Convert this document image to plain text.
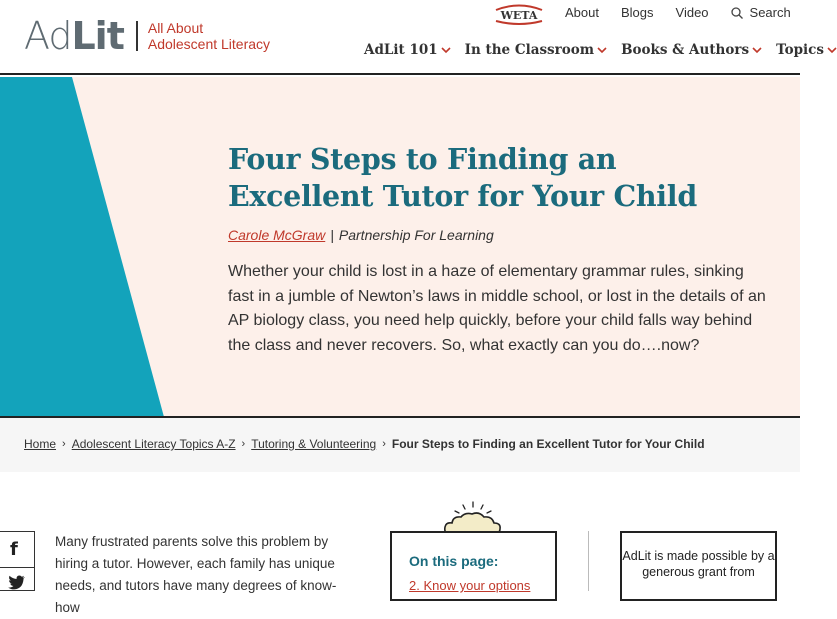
Ad Lit All About
Adolescent Literacy
WETA About Blogs Video	Search
AdLit 101 In the Classroom Books & Authors Topics
Four Steps to Finding an Excellent Tutor for Your Child
Carole McGraw | Partnership For Learning

Whether your child is lost in a haze of elementary grammar rules, sinking fast in a jumble of Newton’s laws in middle school, or lost in the details of an AP biology class, you need help quickly, before your child falls way behind the class and never recovers. So, what exactly can you do….now?

Home › Adolescent Literacy Topics A-Z › Tutoring & Volunteering › Four Steps to Finding an Excellent Tutor for Your Child
f	Many frustrated parents solve this problem by hiring a tutor. However, each family has unique needs, and tutors have many degrees of know-how

On this page:
2. Know your options
AdLit is made possible by a generous grant from
